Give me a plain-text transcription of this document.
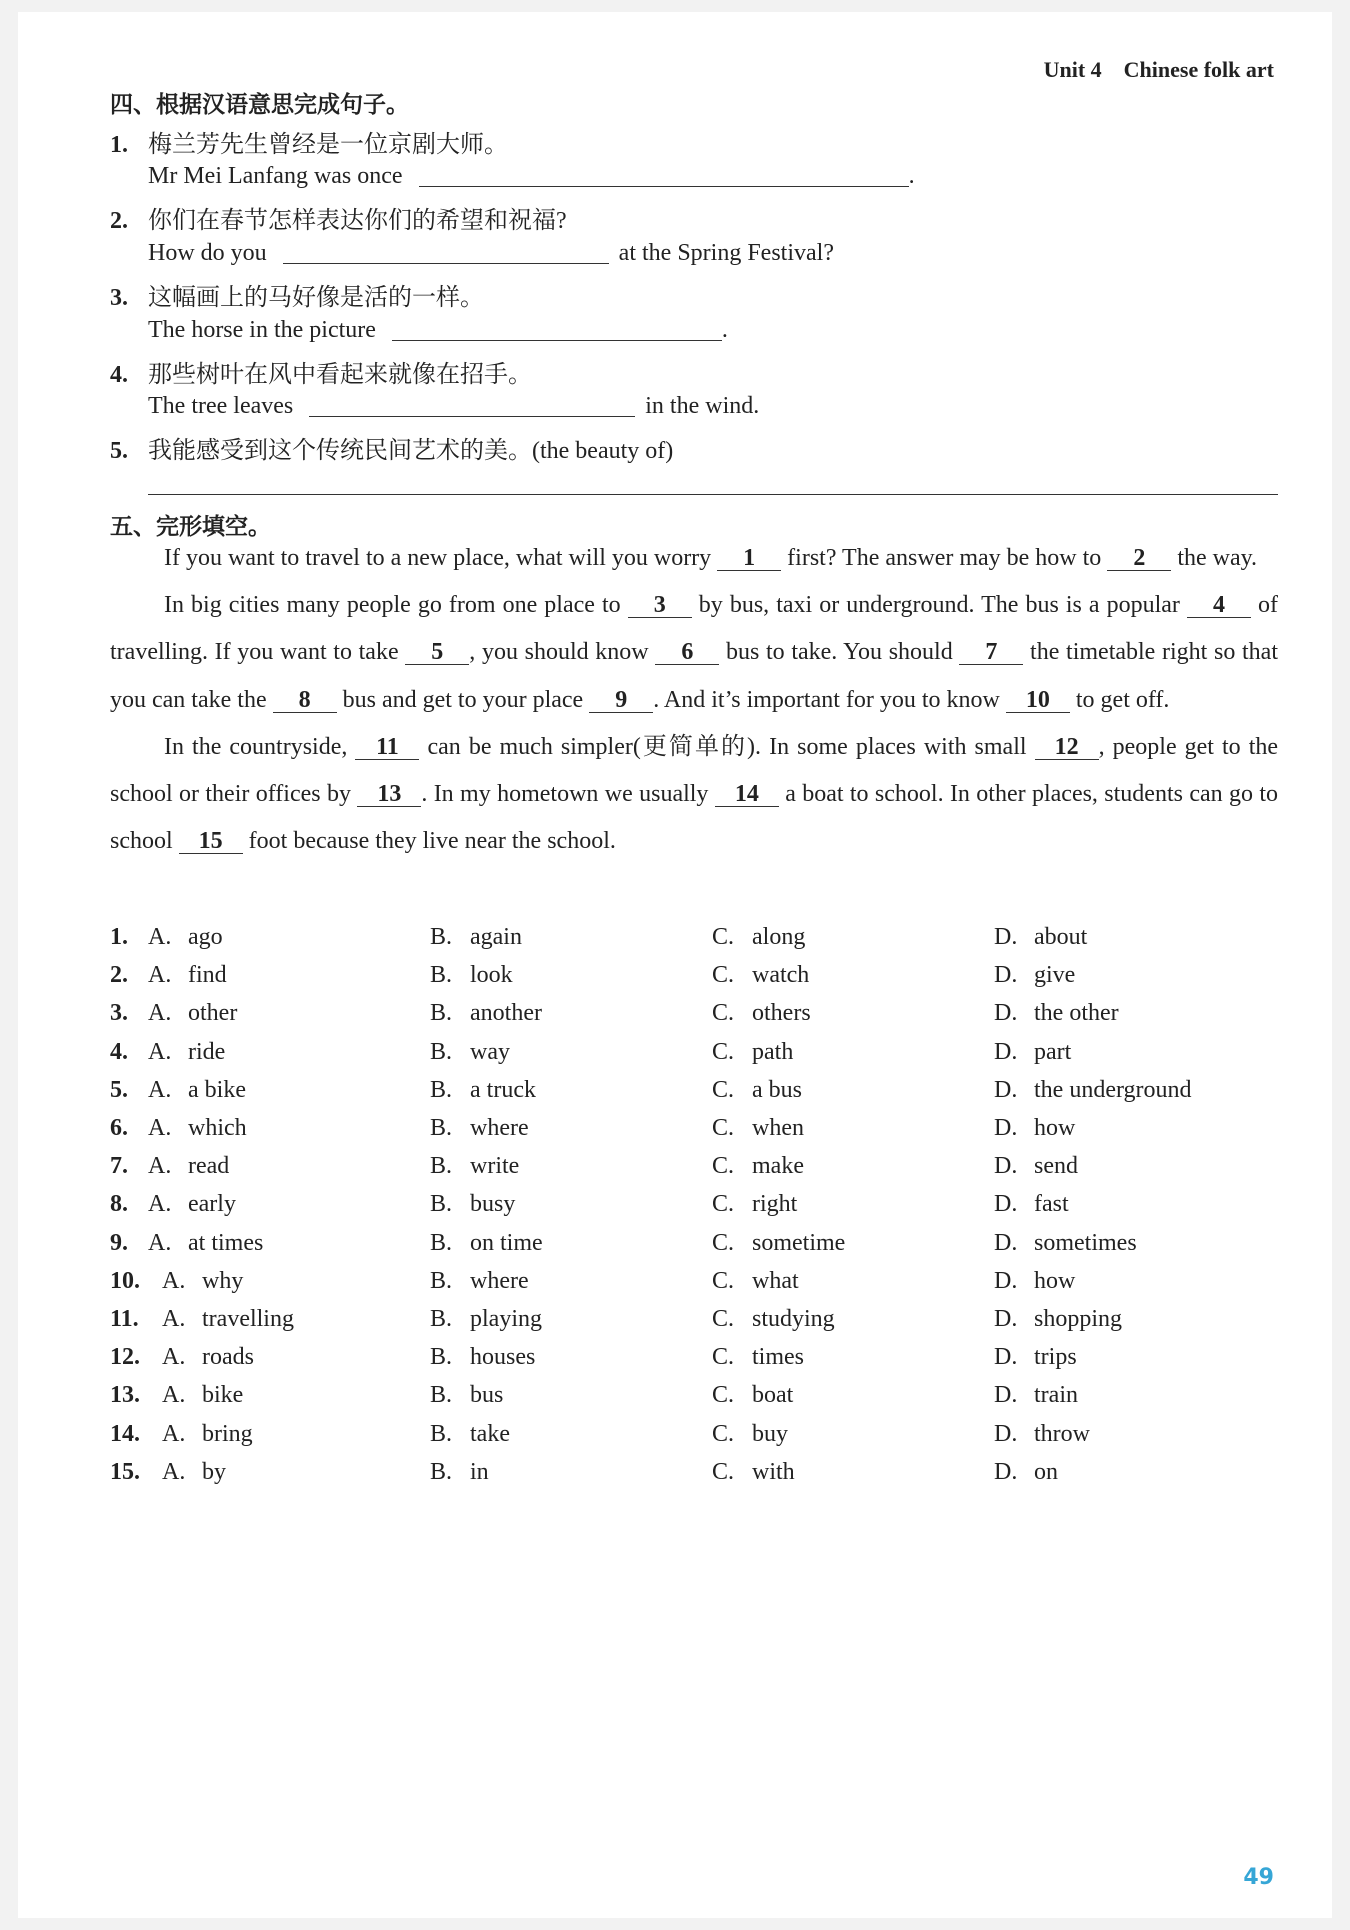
Unit 4 Chinese folk art
四、根据汉语意思完成句子。
1. 梅兰芳先生曾经是一位京剧大师。
Mr Mei Lanfang was once	.
2. 你们在春节怎样表达你们的希望和祝福?
How do you	at the Spring Festival?
3. 这幅画上的马好像是活的一样。
The horse in the picture	.
4. 那些树叶在风中看起来就像在招手。
The tree leaves	in the wind.
5. 我能感受到这个传统民间艺术的美。(the beauty of)
五、完形填空。

If you want to travel to a new place, what will you worry 1 first? The answer may be how to 2 the way.

In big cities many people go from one place to 3 by bus, taxi or underground. The bus is a popular 4 of travelling. If you want to take 5 , you should know 6 bus to take. You should 7 the timetable right so that you can take the 8 bus and get to your place 9 . And it’s important for you to know 10 to get off.

In the countryside, 11 can be much simpler(更简单的). In some places with small 12 , people get to the school or their offices by 13 . In my hometown we usually 14 a boat to school. In other places, students can go to school 15 foot because they live near the school.

1. A. ago	B. again	C. along	D. about
2. A. find	B. look	C. watch	D. give
3. A. other	B. another	C. others	D. the other
4. A. ride	B. way	C. path	D. part
5. A. a bike	B. a truck	C. a bus	D. the underground
6. A. which	B. where	C. when	D. how
7. A. read	B. write	C. make	D. send
8. A. early	B. busy	C. right	D. fast
9. A. at times	B. on time	C. sometime	D. sometimes
10. A. why	B. where	C. what	D. how
11. A. travelling	B. playing	C. studying	D. shopping
12. A. roads	B. houses	C. times	D. trips
13. A. bike	B. bus	C. boat	D. train
14. A. bring	B. take	C. buy	D. throw
15. A. by	B. in	C. with	D. on
49
